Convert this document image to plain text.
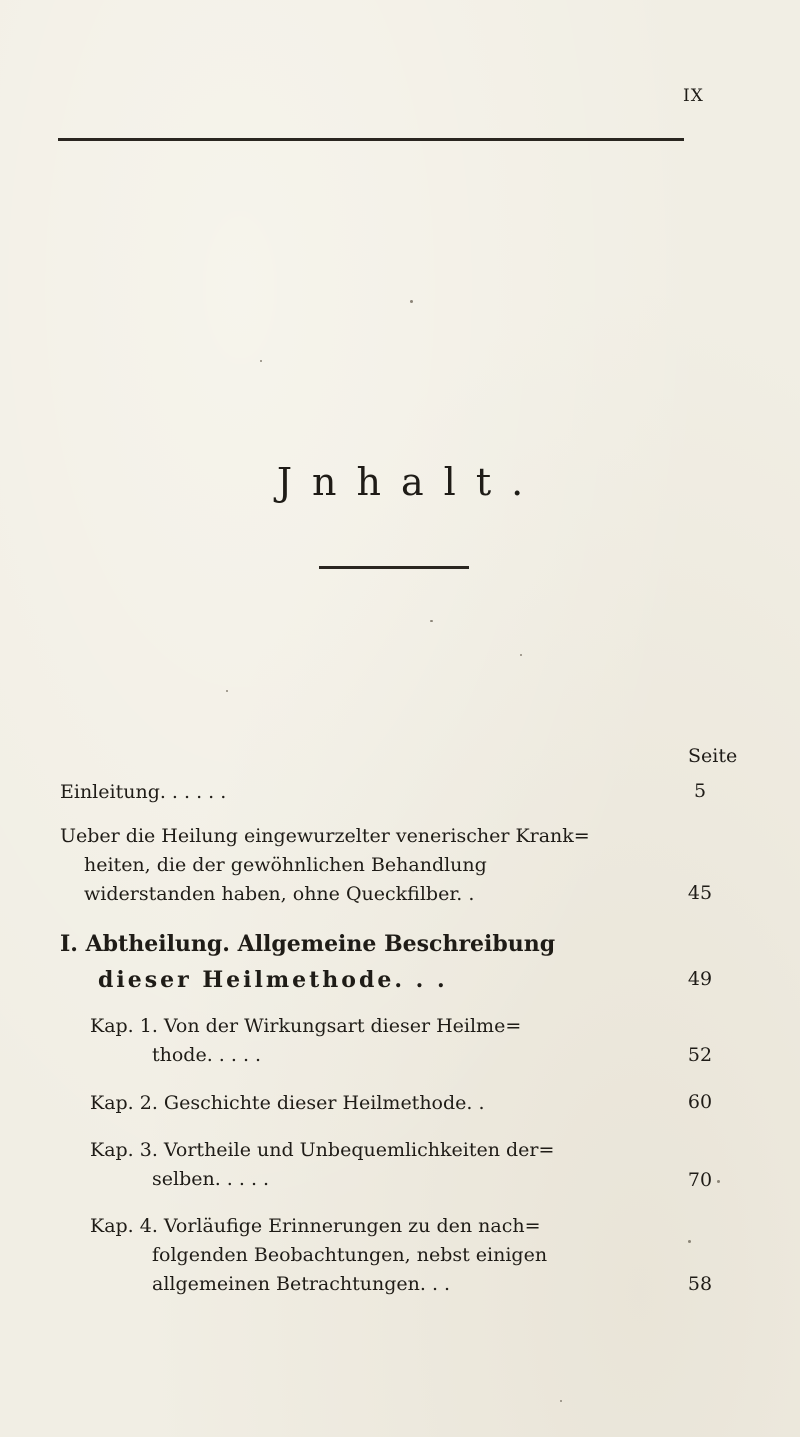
IX
Jnhalt.
Seite
Einleitung. . . . . .	5
Ueber die Heilung eingewurzelter venerischer Krank=
heiten, die der gewöhnlichen Behandlung
widerstanden haben, ohne Queckfilber. .	45
I. Abtheilung. Allgemeine Beschreibung
dieser Heilmethode. . .	49
Kap. 1. Von der Wirkungsart dieser Heilme=
thode. . . . .	52
Kap. 2. Geschichte dieser Heilmethode. .	60
Kap. 3. Vortheile und Unbequemlichkeiten der=
selben. . . . .	70
Kap. 4. Vorläufige Erinnerungen zu den nach=
folgenden Beobachtungen, nebst einigen
allgemeinen Betrachtungen. . .	58
